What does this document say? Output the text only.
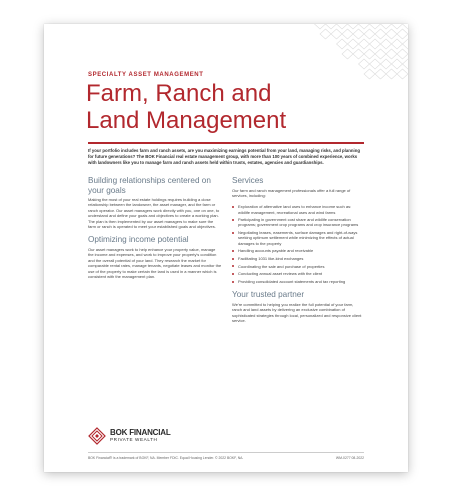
SPECIALTY ASSET MANAGEMENT
Farm, Ranch and
Land Management
If your portfolio includes farm and ranch assets, are you maximizing earnings potential from your land, managing risks, and planning for future generations? The BOK Financial real estate management group, with more than 100 years of combined experience, works with landowners like you to manage farm and ranch assets held within trusts, estates, agencies and guardianships.
Building relationships centered on your goals

Making the most of your real estate holdings requires building a close relationship between the landowner, the asset manager, and the farm or ranch operator. Our asset managers work directly with you, one on one, to understand and define your goals and objectives to create a working plan. The plan is then implemented by our asset managers to make sure the farm or ranch is operated to meet your established goals and objectives.

Optimizing income potential

Our asset managers work to help enhance your property value, manage the income and expenses, and work to improve your property's condition and the overall potential of your land. They research the market for comparable rental rates, manage tenants, negotiate leases and monitor the use of the property to make certain the land is used in a manner which is consistent with the management plan.

Services

Our farm and ranch management professionals offer a full range of services, including:

Exploration of alternative land uses to enhance income such as: wildlife management, recreational uses and wind farms
Participating in government cost share and wildlife conservation programs; government crop programs and crop insurance programs
Negotiating leases, easements, surface damages and right-of-ways seeking optimum settlement while minimizing the effects of actual damages to the property
Handling accounts payable and receivable
Facilitating 1031 like-kind exchanges
Coordinating the sale and purchase of properties
Conducting annual asset reviews with the client
Providing consolidated account statements and tax reporting
Your trusted partner

We're committed to helping you realize the full potential of your farm, ranch and land assets by delivering an exclusive combination of sophisticated strategies through local, personalized and responsive client service.

BOK FINANCIAL
PRIVATE WEALTH
BOK Financial® is a trademark of BOKF, NA. Member FDIC. Equal Housing Lender. © 2022 BOKF, NA.	WM-0277 08-2022
